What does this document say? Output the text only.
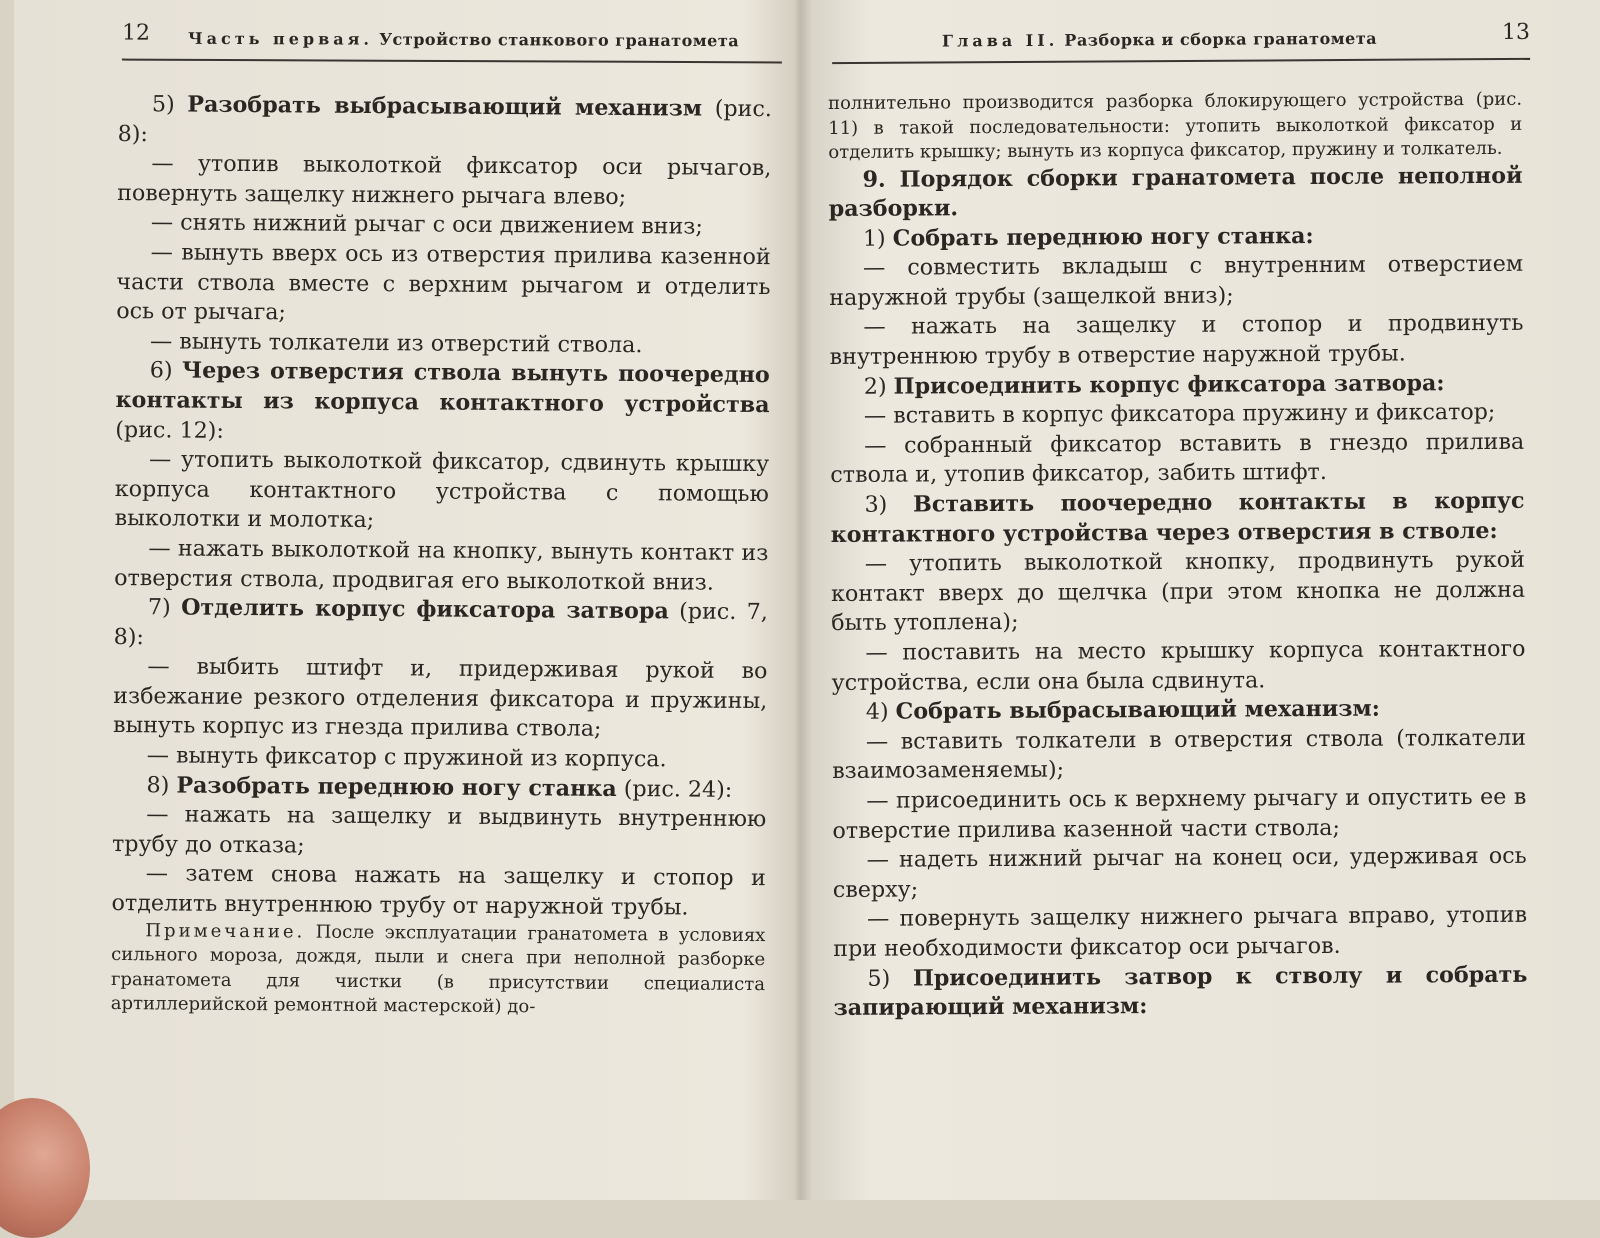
12 Часть первая. Устройство станкового гранатомета

5) Разобрать выбрасывающий механизм (рис. 8):

— утопив выколоткой фиксатор оси рычагов, повернуть защелку нижнего рычага влево;

— снять нижний рычаг с оси движением вниз;

— вынуть вверх ось из отверстия прилива казенной части ствола вместе с верхним рычагом и отделить ось от рычага;

— вынуть толкатели из отверстий ствола.

6) Через отверстия ствола вынуть поочередно контакты из корпуса контактного устройства (рис. 12):

— утопить выколоткой фиксатор, сдвинуть крышку корпуса контактного устройства с помощью выколотки и молотка;

— нажать выколоткой на кнопку, вынуть контакт из отверстия ствола, продвигая его выколоткой вниз.

7) Отделить корпус фиксатора затвора (рис. 7, 8):

— выбить штифт и, придерживая рукой во избежание резкого отделения фиксатора и пружины, вынуть корпус из гнезда прилива ствола;

— вынуть фиксатор с пружиной из корпуса.

8) Разобрать переднюю ногу станка (рис. 24):

— нажать на защелку и выдвинуть внутреннюю трубу до отказа;

— затем снова нажать на защелку и стопор и отделить внутреннюю трубу от наружной трубы.

Примечание. После эксплуатации гранатомета в условиях сильного мороза, дождя, пыли и снега при неполной разборке гранатомета для чистки (в присутствии специалиста артиллерийской ремонтной мастерской) до-

Глава II. Разборка и сборка гранатомета	13

полнительно производится разборка блокирующего устройства (рис. 11) в такой последовательности: утопить выколоткой фиксатор и отделить крышку; вынуть из корпуса фиксатор, пружину и толкатель.

9. Порядок сборки гранатомета после неполной разборки.

1) Собрать переднюю ногу станка:

— совместить вкладыш с внутренним отверстием наружной трубы (защелкой вниз);

— нажать на защелку и стопор и продвинуть внутреннюю трубу в отверстие наружной трубы.

2) Присоединить корпус фиксатора затвора:

— вставить в корпус фиксатора пружину и фиксатор;

— собранный фиксатор вставить в гнездо прилива ствола и, утопив фиксатор, забить штифт.

3) Вставить поочередно контакты в корпус контактного устройства через отверстия в стволе:

— утопить выколоткой кнопку, продвинуть рукой контакт вверх до щелчка (при этом кнопка не должна быть утоплена);

— поставить на место крышку корпуса контактного устройства, если она была сдвинута.

4) Собрать выбрасывающий механизм:

— вставить толкатели в отверстия ствола (толкатели взаимозаменяемы);

— присоединить ось к верхнему рычагу и опустить ее в отверстие прилива казенной части ствола;

— надеть нижний рычаг на конец оси, удерживая ось сверху;

— повернуть защелку нижнего рычага вправо, утопив при необходимости фиксатор оси рычагов.

5) Присоединить затвор к стволу и собрать запирающий механизм:
